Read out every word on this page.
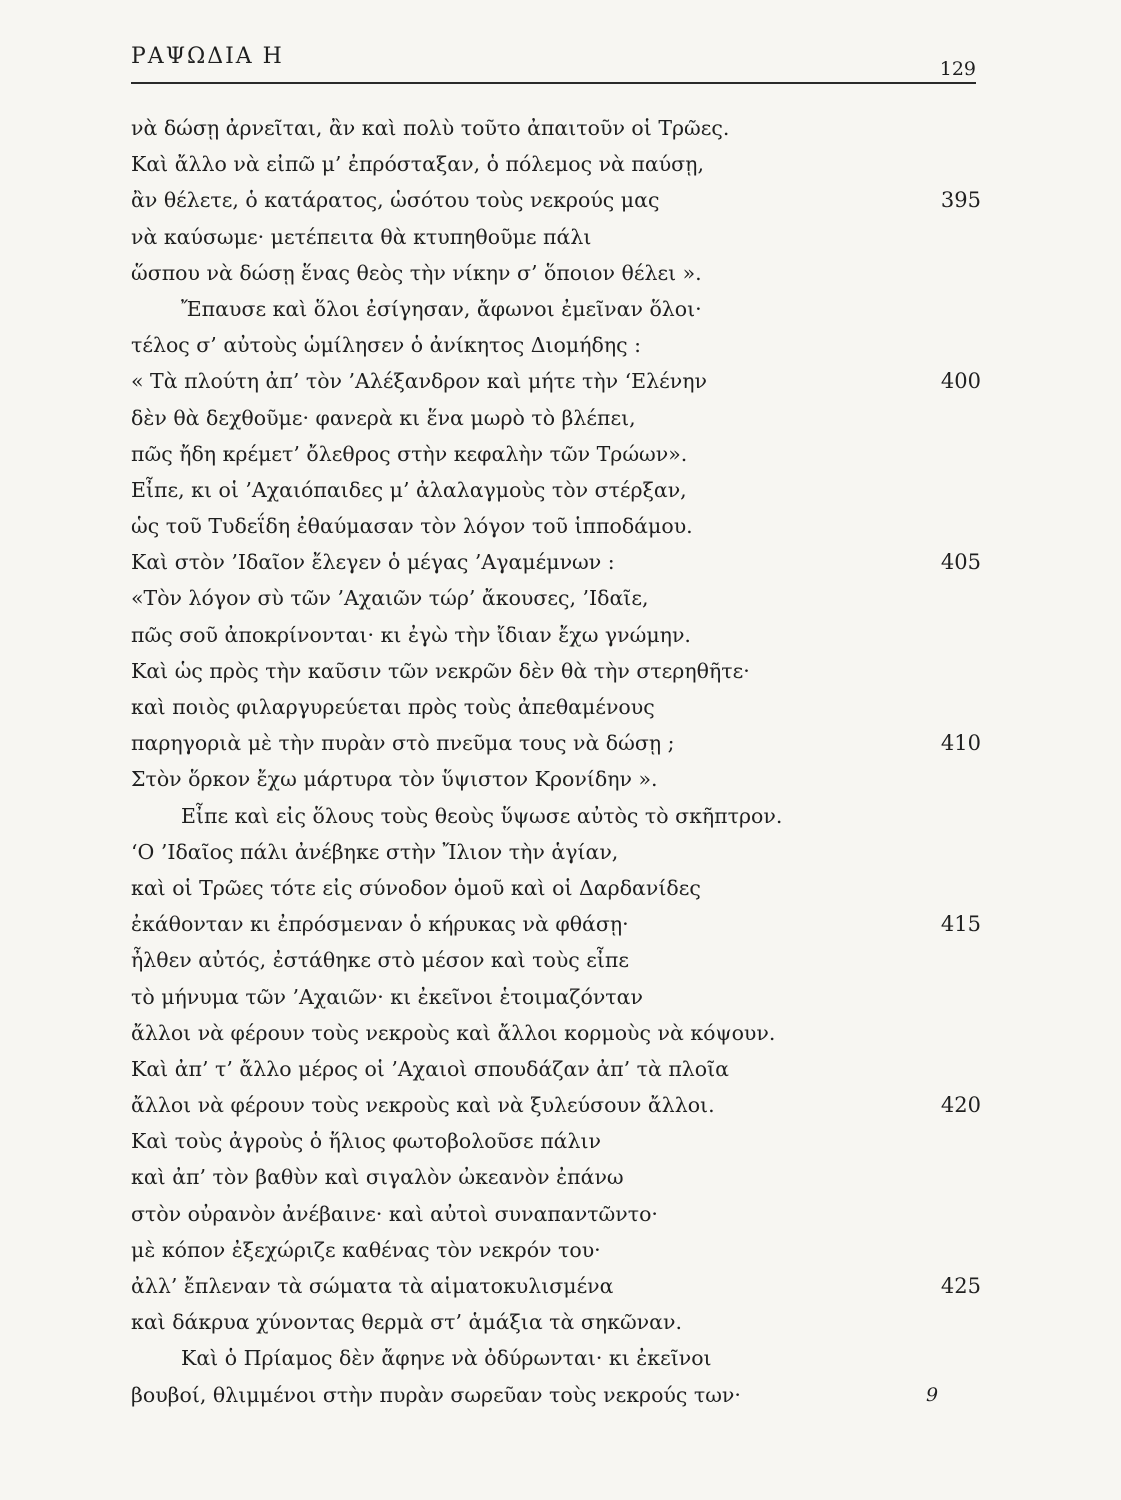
ΡΑΨΩΔΙΑ Η	129
νὰ δώσῃ ἀρνεῖται, ἂν καὶ πολὺ τοῦτο ἀπαιτοῦν οἱ Τρῶες.
Καὶ ἄλλο νὰ εἰπῶ μ’ ἐπρόσταξαν, ὁ πόλεμος νὰ παύσῃ,
ἂν θέλετε, ὁ κατάρατος, ὡσότου τοὺς νεκρούς μας	395
νὰ καύσωμε· μετέπειτα θὰ κτυπηθοῦμε πάλι
ὥσπου νὰ δώσῃ ἕνας θεὸς τὴν νίκην σ’ ὅποιον θέλει ».
Ἔπαυσε καὶ ὅλοι ἐσίγησαν, ἄφωνοι ἐμεῖναν ὅλοι·
τέλος σ’ αὐτοὺς ὡμίλησεν ὁ ἀνίκητος Διομήδης :
« Τὰ πλούτη ἀπ’ τὸν ’Αλέξανδρον καὶ μήτε τὴν ‘Ελένην	400
δὲν θὰ δεχθοῦμε· φανερὰ κι ἕνα μωρὸ τὸ βλέπει,
πῶς ἤδη κρέμετ’ ὄλεθρος στὴν κεφαλὴν τῶν Τρώων».
Εἶπε, κι οἱ ’Αχαιόπαιδες μ’ ἀλαλαγμοὺς τὸν στέρξαν,
ὡς τοῦ Τυδεΐδη ἐθαύμασαν τὸν λόγον τοῦ ἱπποδάμου.
Καὶ στὸν ’Ιδαῖον ἔλεγεν ὁ μέγας ’Αγαμέμνων :	405
«Τὸν λόγον σὺ τῶν ’Αχαιῶν τώρ’ ἄκουσες, ’Ιδαῖε,
πῶς σοῦ ἀποκρίνονται· κι ἐγὼ τὴν ἴδιαν ἔχω γνώμην.
Καὶ ὡς πρὸς τὴν καῦσιν τῶν νεκρῶν δὲν θὰ τὴν στερηθῆτε·
καὶ ποιὸς φιλαργυρεύεται πρὸς τοὺς ἀπεθαμένους
παρηγοριὰ μὲ τὴν πυρὰν στὸ πνεῦμα τους νὰ δώσῃ ;	410
Στὸν ὅρκον ἔχω μάρτυρα τὸν ὕψιστον Κρονίδην ».
Εἶπε καὶ εἰς ὅλους τοὺς θεοὺς ὕψωσε αὐτὸς τὸ σκῆπτρον.
‘Ο ’Ιδαῖος πάλι ἀνέβηκε στὴν Ἴλιον τὴν ἁγίαν,
καὶ οἱ Τρῶες τότε εἰς σύνοδον ὁμοῦ καὶ οἱ Δαρδανίδες
ἐκάθονταν κι ἐπρόσμεναν ὁ κήρυκας νὰ φθάσῃ·	415
ἦλθεν αὐτός, ἐστάθηκε στὸ μέσον καὶ τοὺς εἶπε
τὸ μήνυμα τῶν ’Αχαιῶν· κι ἐκεῖνοι ἑτοιμαζόνταν
ἄλλοι νὰ φέρουν τοὺς νεκροὺς καὶ ἄλλοι κορμοὺς νὰ κόψουν.
Καὶ ἀπ’ τ’ ἄλλο μέρος οἱ ’Αχαιοὶ σπουδάζαν ἀπ’ τὰ πλοῖα
ἄλλοι νὰ φέρουν τοὺς νεκροὺς καὶ νὰ ξυλεύσουν ἄλλοι.	420
Καὶ τοὺς ἀγροὺς ὁ ἥλιος φωτοβολοῦσε πάλιν
καὶ ἀπ’ τὸν βαθὺν καὶ σιγαλὸν ὠκεανὸν ἐπάνω
στὸν οὐρανὸν ἀνέβαινε· καὶ αὐτοὶ συναπαντῶντο·
μὲ κόπον ἐξεχώριζε καθένας τὸν νεκρόν του·
ἀλλ’ ἔπλεναν τὰ σώματα τὰ αἱματοκυλισμένα	425
καὶ δάκρυα χύνοντας θερμὰ στ’ ἁμάξια τὰ σηκῶναν.
Καὶ ὁ Πρίαμος δὲν ἄφηνε νὰ ὀδύρωνται· κι ἐκεῖνοι
βουβοί, θλιμμένοι στὴν πυρὰν σωρεῦαν τοὺς νεκρούς των·	9
